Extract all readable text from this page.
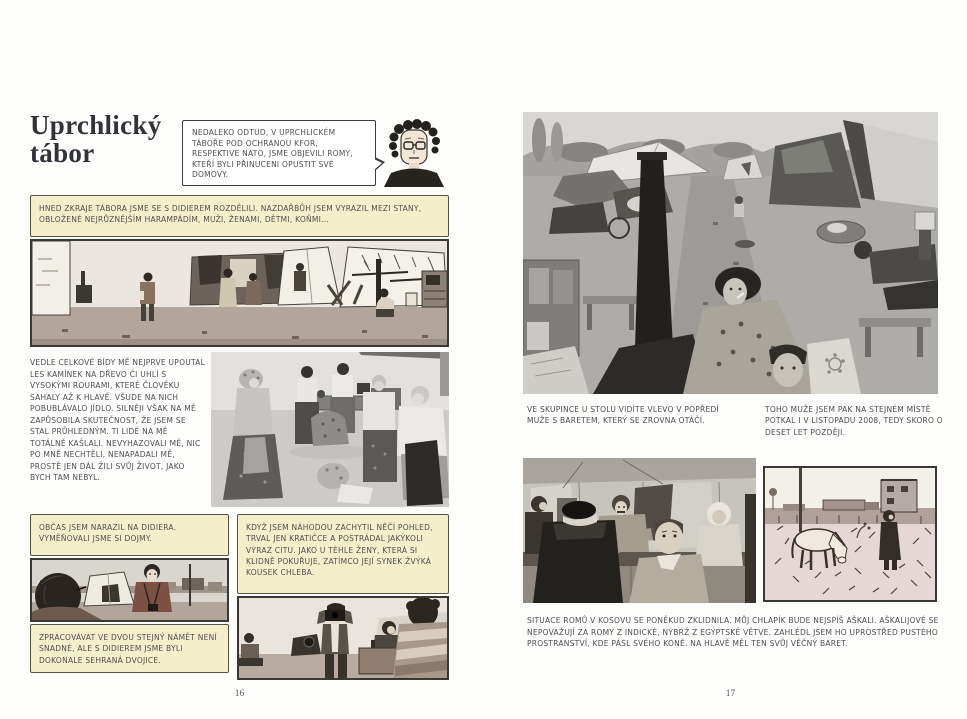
Uprchlický tábor
NEDALEKO ODTUD, V UPRCHLICKÉM TÁBOŘE POD OCHRANOU KFOR, RESPEKTIVE NATO, JSME OBJEVILI ROMY, KTEŘÍ BYLI PŘINUCENI OPUSTIT SVÉ DOMOVY.
HNED ZKRAJE TÁBORA JSME SE S DIDIEREM ROZDĚLILI. NAZDAŘBŮH JSEM VYRAZIL MEZI STANY, OBLOŽENÉ NEJRŮZNĚJŠÍM HARAMPÁDÍM, MUŽI, ŽENAMI, DĚTMI, KOŇMI...
VEDLE CELKOVÉ BÍDY MĚ NEJPRVE UPOUTAL LES KAMÍNEK NA DŘEVO ČI UHLÍ S VYSOKÝMI ROURAMI, KTERÉ ČLOVĚKU SAHALY AŽ K HLAVĚ. VŠUDE NA NICH POBUBLÁVALO JÍDLO. SILNĚJI VŠAK NA MĚ ZAPŮSOBILA SKUTEČNOST, ŽE JSEM SE STAL PRŮHLEDNÝM. TI LIDÉ NA MĚ TOTÁLNĚ KAŠLALI. NEVYHAZOVALI MĚ, NIC PO MNĚ NECHTĚLI, NENAPADALI MĚ, PROSTĚ JEN DÁL ŽILI SVŮJ ŽIVOT, JAKO BYCH TAM NEBYL.
OBČAS JSEM NARAZIL NA DIDIERA. VYMĚŇOVALI JSME SI DOJMY.
ZPRACOVÁVAT VE DVOU STEJNÝ NÁMĚT NENÍ SNADNÉ, ALE S DIDIEREM JSME BYLI DOKONALE SEHRANÁ DVOJICE.
KDYŽ JSEM NÁHODOU ZACHYTIL NĚČÍ POHLED, TRVAL JEN KRATIČCE A POSTRÁDAL JAKÝKOLI VÝRAZ CITU. JAKO U TÉHLE ŽENY, KTERÁ SI KLIDNĚ POKUŘUJE, ZATÍMCO JEJÍ SYNEK ŽVÝKÁ KOUSEK CHLEBA.
16
VE SKUPINCE U STOLU VIDÍTE VLEVO V POPŘEDÍ MUŽE S BARETEM, KTERÝ SE ZROVNA OTÁČÍ.
TOHO MUŽE JSEM PAK NA STEJNÉM MÍSTĚ POTKAL I V LISTOPADU 2008, TEDY SKORO O DESET LET POZDĚJI.
SITUACE ROMŮ V KOSOVU SE PONĚKUD ZKLIDNILA. MŮJ CHLAPÍK BUDE NEJSPÍŠ AŠKALI. AŠKALIJOVÉ SE NEPOVAŽUJÍ ZA ROMY Z INDICKÉ, NÝBRŽ Z EGYPTSKÉ VĚTVE. ZAHLÉDL JSEM HO UPROSTŘED PUSTÉHO PROSTRANSTVÍ, KDE PÁSL SVÉHO KONĚ. NA HLAVĚ MĚL TEN SVŮJ VĚČNÝ BARET.
17
